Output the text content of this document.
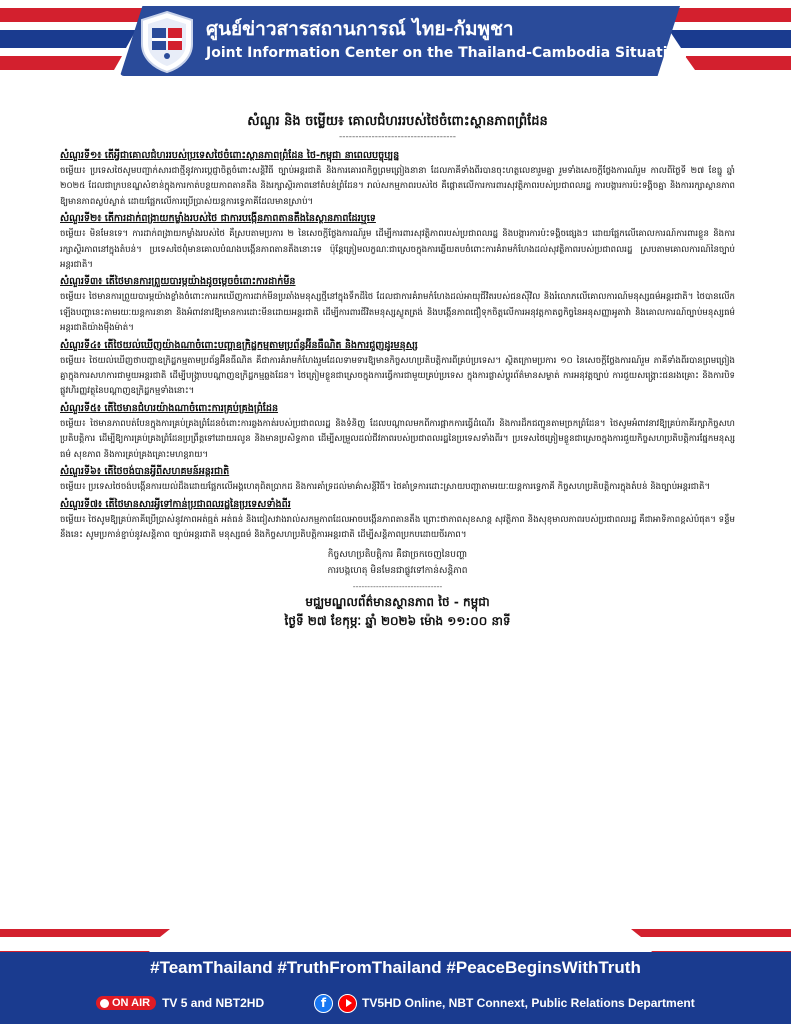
ศูนย์ข่าวสารสถานการณ์ ไทย-กัมพูชา
Joint Information Center on the Thailand-Cambodia Situation

សំណួរ និង ចម្លើយ៖ គោលជំហររបស់ថៃចំពោះស្ថានភាពព្រំដែន

------------------------------------

សំណួរទី១៖ តើអ្វីជាគោលជំហររបស់ប្រទេសថៃចំពោះស្ថានភាពព្រំដែន ថៃ-កម្ពុជា នាពេលបច្ចុប្បន្ន

ចម្លើយ៖ ប្រទេសថៃសូមបញ្ជាក់សារជាថ្មីនូវការប្តេជ្ញាចិត្តចំពោះសន្តិវិធី ច្បាប់អន្តរជាតិ និងការគោរពកិច្ចព្រមព្រៀងនានា ដែលភាគីទាំងពីរបានចុះហត្ថលេខារួមគ្នា រួមទាំងសេចក្តីថ្លែងការណ៍រួម កាលពីថ្ងៃទី ២៧ ខែធ្នូ ឆ្នាំ ២០២៥ ដែលជាក្របខណ្ឌសំខាន់ក្នុងការកាត់បន្ថយភាពតានតឹង និងរក្សាស្ថិរភាពនៅតំបន់ព្រំដែន។ រាល់សកម្មភាពរបស់ថៃ គឺផ្តោតលើការការពារសុវត្ថិភាពរបស់ប្រជាពលរដ្ឋ ការបង្ការការប៉ះទង្គិចគ្នា និងការរក្សាស្ថានភាពឱ្យមានភាពស្ងប់ស្ងាត់ ដោយផ្អែកលើការប្រើប្រាស់យន្តការទ្វេភាគីដែលមានស្រាប់។

សំណួរទី២៖ តើការដាក់ពង្រាយកម្លាំងរបស់ថៃ ជាការបង្កើនភាពតានតឹងនៃស្ថានភាពដែរឬទេ

ចម្លើយ៖ មិនមែនទេ។ ការដាក់ពង្រាយកម្លាំងរបស់ថៃ គឺស្របតាមប្រការ ២ នៃសេចក្តីថ្លែងការណ៍រួម ដើម្បីការពារសុវត្ថិភាពរបស់ប្រជាពលរដ្ឋ និងបង្ការការប៉ះទង្គិចផ្សេងៗ ដោយផ្អែកលើគោលការណ៍ការពារខ្លួន និងការរក្សាស្ថិរភាពនៅក្នុងតំបន់។ ប្រទេសថៃពុំមានគោលបំណងបង្កើនភាពតានតឹងនោះទេ ប៉ុន្តែត្រៀមលក្ខណៈជាស្រេចក្នុងការឆ្លើយតបចំពោះការគំរាមកំហែងដល់សុវត្ថិភាពរបស់ប្រជាពលរដ្ឋ ស្របតាមគោលការណ៍នៃច្បាប់អន្តរជាតិ។

សំណួរទី៣៖ តើថៃមានការព្រួយបារម្ភយ៉ាងដូចម្តេចចំពោះការដាក់មីន

ចម្លើយ៖ ថៃមានការព្រួយបារម្ភយ៉ាងខ្លាំងចំពោះការរកឃើញការដាក់មីនប្រឆាំងមនុស្សថ្មីនៅក្នុងទឹកដីថៃ ដែលជាការគំរាមកំហែងដល់អាយុជីវិតរបស់ជនស៊ីវិល និងរំលោភលើគោលការណ៍មនុស្សធម៌អន្តរជាតិ។ ថៃបានលើកឡើងបញ្ហានេះតាមរយៈយន្តការនានា និងអំពាវនាវឱ្យមានការដោះមីនដោយអន្តរជាតិ ដើម្បីការពារជីវិតមនុស្សស្លូតត្រង់ និងបង្កើនភាពជឿទុកចិត្តលើការអនុវត្តកាតព្វកិច្ចនៃអនុសញ្ញាអូតាវ៉ា និងគោលការណ៍ច្បាប់មនុស្សធម៌អន្តរជាតិយ៉ាងម៉ឺងម៉ាត់។

សំណួរទី៤៖ តើថៃយល់ឃើញយ៉ាងណាចំពោះបញ្ហាឧក្រិដ្ឋកម្មតាមប្រព័ន្ធអ៊ីនធឺណិត និងការជួញដូរមនុស្ស

ចម្លើយ៖ ថៃយល់ឃើញថាបញ្ហាឧក្រិដ្ឋកម្មតាមប្រព័ន្ធអ៊ីនធឺណិត គឺជាការគំរាមកំហែងរួមដែលទាមទារឱ្យមានកិច្ចសហប្រតិបត្តិការពីគ្រប់ប្រទេស។ ស្ថិតក្រោមប្រការ ១០ នៃសេចក្តីថ្លែងការណ៍រួម ភាគីទាំងពីរបានព្រមព្រៀងគ្នាក្នុងការសហការជាមួយអន្តរជាតិ ដើម្បីបង្ក្រាបបណ្តាញឧក្រិដ្ឋកម្មឆ្លងដែន។ ថៃត្រៀមខ្លួនជាស្រេចក្នុងការធ្វើការជាមួយគ្រប់ប្រទេស ក្នុងការផ្លាស់ប្តូរព័ត៌មានសម្ងាត់ ការអនុវត្តច្បាប់ ការជួយសង្គ្រោះជនរងគ្រោះ និងការបិទផ្លូវហិរញ្ញវត្ថុនៃបណ្តាញឧក្រិដ្ឋកម្មទាំងនោះ។

សំណួរទី៥៖ តើថៃមានជំហរយ៉ាងណាចំពោះការគ្រប់គ្រងព្រំដែន

ចម្លើយ៖ ថៃមានភាពបត់បែនក្នុងការគ្រប់គ្រងព្រំដែនចំពោះការឆ្លងកាត់របស់ប្រជាពលរដ្ឋ និងទំនិញ ដែលបណ្តាលមកពីការផ្អាកការធ្វើដំណើរ និងការដឹកជញ្ជូនតាមច្រកព្រំដែន។ ថៃសូមអំពាវនាវឱ្យគ្រប់ភាគីរក្សាកិច្ចសហប្រតិបត្តិការ ដើម្បីឱ្យការគ្រប់គ្រងព្រំដែនប្រព្រឹត្តទៅដោយរលូន និងមានប្រសិទ្ធភាព ដើម្បីសម្រួលដល់ជីវភាពរបស់ប្រជាពលរដ្ឋនៃប្រទេសទាំងពីរ។ ប្រទេសថៃត្រៀមខ្លួនជាស្រេចក្នុងការជួយកិច្ចសហប្រតិបត្តិការផ្នែកមនុស្សធម៌ សុខភាព និងការគ្រប់គ្រងគ្រោះមហន្តរាយ។

សំណួរទី៦៖ តើថៃចង់បានអ្វីពីសហគមន៍អន្តរជាតិ

ចម្លើយ៖ ប្រទេសថៃចង់បង្កើនការយល់ដឹងដោយផ្អែកលើអង្គហេតុពិតប្រាកដ និងការគាំទ្រដល់មាគ៌ាសន្តិវិធី។ ថៃគាំទ្រការដោះស្រាយបញ្ហាតាមរយៈយន្តការទ្វេភាគី កិច្ចសហប្រតិបត្តិការក្នុងតំបន់ និងច្បាប់អន្តរជាតិ។

សំណួរទី៧៖ តើថៃមានសារអ្វីទៅកាន់ប្រជាពលរដ្ឋនៃប្រទេសទាំងពីរ

ចម្លើយ៖ ថៃសូមឱ្យគ្រប់ភាគីប្រើប្រាស់នូវភាពអត់ធ្មត់ អត់ធន់ និងជៀសវាងរាល់សកម្មភាពដែលអាចបង្កើនភាពតានតឹង ព្រោះថាភាពសុខសាន្ត សុវត្ថិភាព និងសុខុមាលភាពរបស់ប្រជាពលរដ្ឋ គឺជាអាទិភាពខ្ពស់បំផុត។ ទន្ទឹមនឹងនេះ សូមប្រកាន់ខ្ជាប់នូវសន្តិភាព ច្បាប់អន្តរជាតិ មនុស្សធម៌ និងកិច្ចសហប្រតិបត្តិការអន្តរជាតិ ដើម្បីសន្តិភាពប្រកបដោយចីរភាព។

កិច្ចសហប្រតិបត្តិការ គឺជាច្រកចេញនៃបញ្ហា

ការបង្កហេតុ មិនមែនជាផ្លូវទៅកាន់សន្តិភាព

-------------------------------

មជ្ឈមណ្ឌលព័ត៌មានស្ថានភាព ថៃ - កម្ពុជា

ថ្ងៃទី ២៧ ខែកុម្ភៈ ឆ្នាំ ២០២៦ ម៉ោង ១១:០០ នាទី

#TeamThailand #TruthFromThailand #PeaceBeginsWithTruth
ON AIR TV 5 and NBT2HD	f	TV5HD Online, NBT Connext, Public Relations Department
